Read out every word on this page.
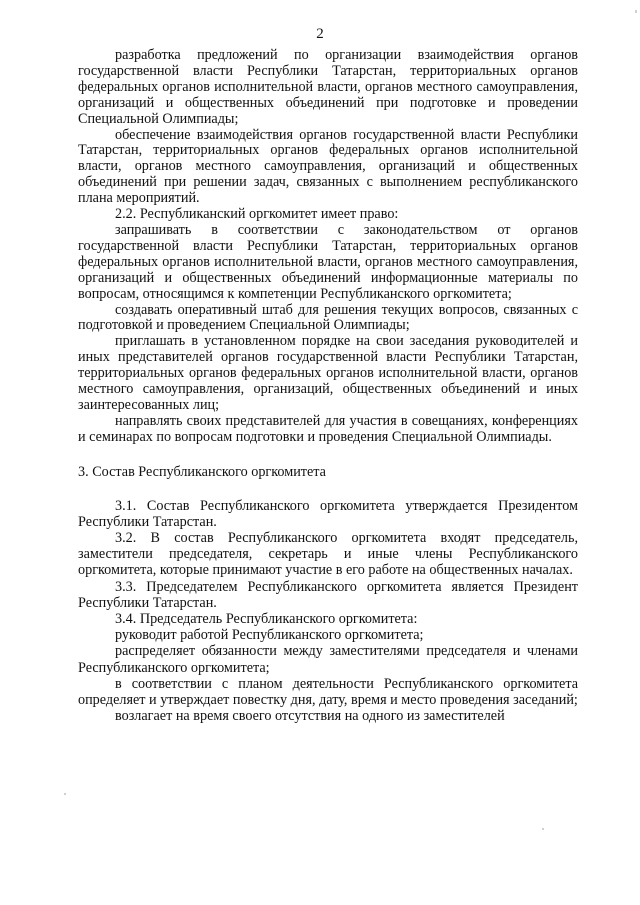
2

разработка предложений по организации взаимодействия органов государственной власти Республики Татарстан, территориальных органов федеральных органов исполнительной власти, органов местного самоуправления, организаций и общественных объединений при подготовке и проведении Специальной Олимпиады;

обеспечение взаимодействия органов государственной власти Республики Татарстан, территориальных органов федеральных органов исполнительной власти, органов местного самоуправления, организаций и общественных объединений при решении задач, связанных с выполнением республиканского плана мероприятий.

2.2. Республиканский оргкомитет имеет право:

запрашивать в соответствии с законодательством от органов государственной власти Республики Татарстан, территориальных органов федеральных органов исполнительной власти, органов местного самоуправления, организаций и общественных объединений информационные материалы по вопросам, относящимся к компетенции Республиканского оргкомитета;

создавать оперативный штаб для решения текущих вопросов, связанных с подготовкой и проведением Специальной Олимпиады;

приглашать в установленном порядке на свои заседания руководителей и иных представителей органов государственной власти Республики Татарстан, территориальных органов федеральных органов исполнительной власти, органов местного самоуправления, организаций, общественных объединений и иных заинтересованных лиц;

направлять своих представителей для участия в совещаниях, конференциях и семинарах по вопросам подготовки и проведения Специальной Олимпиады.

3. Состав Республиканского оргкомитета

3.1. Состав Республиканского оргкомитета утверждается Президентом Республики Татарстан.

3.2. В состав Республиканского оргкомитета входят председатель, заместители председателя, секретарь и иные члены Республиканского оргкомитета, которые принимают участие в его работе на общественных началах.

3.3. Председателем Республиканского оргкомитета является Президент Республики Татарстан.

3.4. Председатель Республиканского оргкомитета:

руководит работой Республиканского оргкомитета;

распределяет обязанности между заместителями председателя и членами Республиканского оргкомитета;

в соответствии с планом деятельности Республиканского оргкомитета определяет и утверждает повестку дня, дату, время и место проведения заседаний;

возлагает на время своего отсутствия на одного из заместителей
